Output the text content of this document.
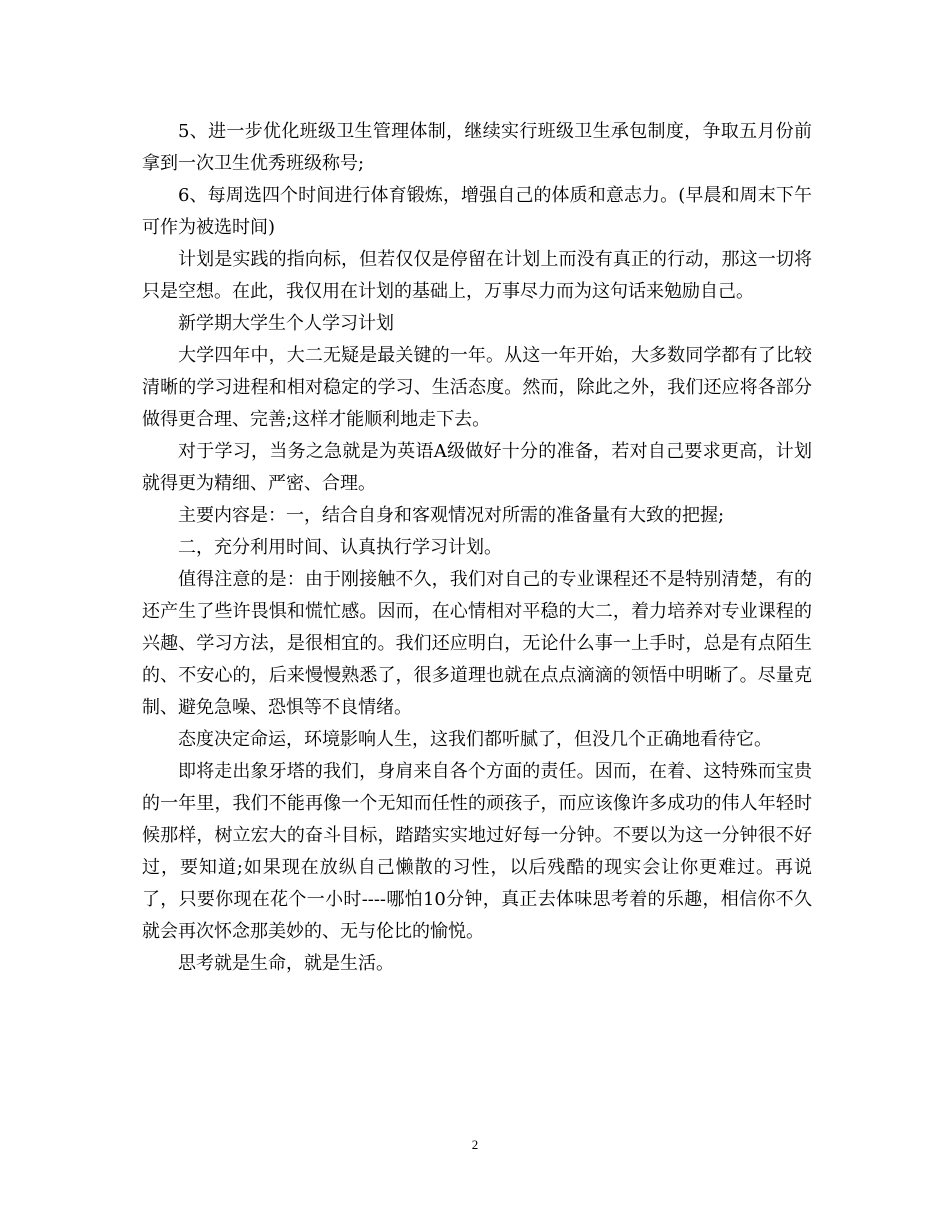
5、进一步优化班级卫生管理体制，继续实行班级卫生承包制度，争取五月份前拿到一次卫生优秀班级称号;

6、每周选四个时间进行体育锻炼，增强自己的体质和意志力。(早晨和周末下午可作为被选时间)

计划是实践的指向标，但若仅仅是停留在计划上而没有真正的行动，那这一切将只是空想。在此，我仅用在计划的基础上，万事尽力而为这句话来勉励自己。

新学期大学生个人学习计划

大学四年中，大二无疑是最关键的一年。从这一年开始，大多数同学都有了比较清晰的学习进程和相对稳定的学习、生活态度。然而，除此之外，我们还应将各部分做得更合理、完善;这样才能顺利地走下去。

对于学习，当务之急就是为英语A级做好十分的准备，若对自己要求更高，计划就得更为精细、严密、合理。

主要内容是：一，结合自身和客观情况对所需的准备量有大致的把握;

二，充分利用时间、认真执行学习计划。

值得注意的是：由于刚接触不久，我们对自己的专业课程还不是特别清楚，有的还产生了些许畏惧和慌忙感。因而，在心情相对平稳的大二，着力培养对专业课程的兴趣、学习方法，是很相宜的。我们还应明白，无论什么事一上手时，总是有点陌生的、不安心的，后来慢慢熟悉了，很多道理也就在点点滴滴的领悟中明晰了。尽量克制、避免急噪、恐惧等不良情绪。

态度决定命运，环境影响人生，这我们都听腻了，但没几个正确地看待它。

即将走出象牙塔的我们，身肩来自各个方面的责任。因而，在着、这特殊而宝贵的一年里，我们不能再像一个无知而任性的顽孩子，而应该像许多成功的伟人年轻时候那样，树立宏大的奋斗目标，踏踏实实地过好每一分钟。不要以为这一分钟很不好过，要知道;如果现在放纵自己懒散的习性，以后残酷的现实会让你更难过。再说了，只要你现在花个一小时----哪怕10分钟，真正去体味思考着的乐趣，相信你不久就会再次怀念那美妙的、无与伦比的愉悦。

思考就是生命，就是生活。

2
